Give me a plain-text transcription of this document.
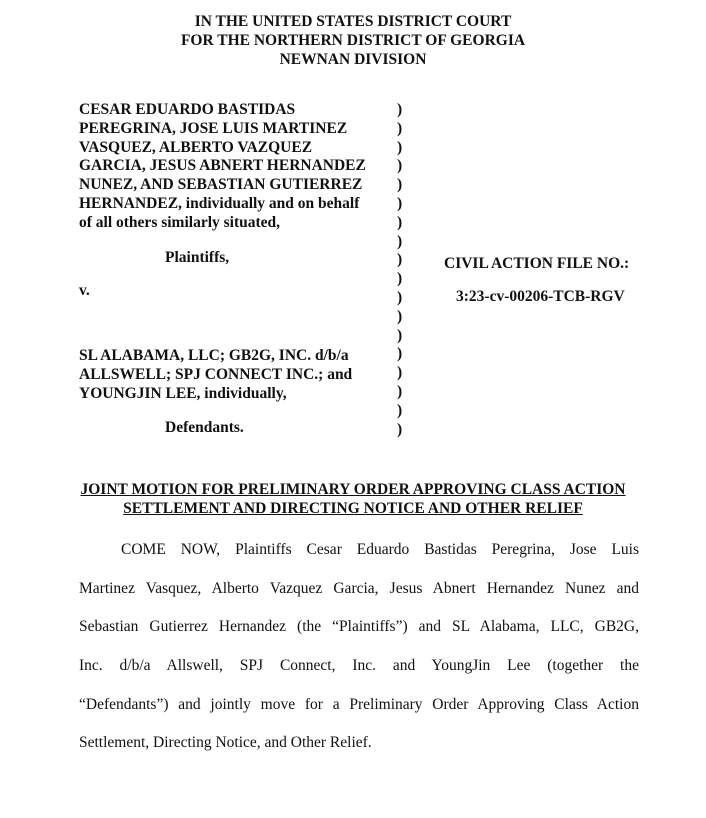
IN THE UNITED STATES DISTRICT COURT
FOR THE NORTHERN DISTRICT OF GEORGIA
NEWNAN DIVISION
CESAR EDUARDO BASTIDAS
PEREGRINA, JOSE LUIS MARTINEZ
VASQUEZ, ALBERTO VAZQUEZ
GARCIA, JESUS ABNERT HERNANDEZ
NUNEZ, AND SEBASTIAN GUTIERREZ
HERNANDEZ, individually and on behalf
of all others similarly situated,
Plaintiffs,
v.
SL ALABAMA, LLC; GB2G, INC. d/b/a
ALLSWELL; SPJ CONNECT INC.; and
YOUNGJIN LEE, individually,
Defendants.
)
)
)
)
)
)
)
)
)
)
)
)
)
)
)
)
)
)
CIVIL ACTION FILE NO.:
3:23-cv-00206-TCB-RGV
JOINT MOTION FOR PRELIMINARY ORDER APPROVING CLASS ACTION
SETTLEMENT AND DIRECTING NOTICE AND OTHER RELIEF
COME NOW, Plaintiffs Cesar Eduardo Bastidas Peregrina, Jose Luis
Martinez Vasquez, Alberto Vazquez Garcia, Jesus Abnert Hernandez Nunez and
Sebastian Gutierrez Hernandez (the “Plaintiffs”) and SL Alabama, LLC, GB2G,
Inc. d/b/a Allswell, SPJ Connect, Inc. and YoungJin Lee (together the
“Defendants”) and jointly move for a Preliminary Order Approving Class Action
Settlement, Directing Notice, and Other Relief.
